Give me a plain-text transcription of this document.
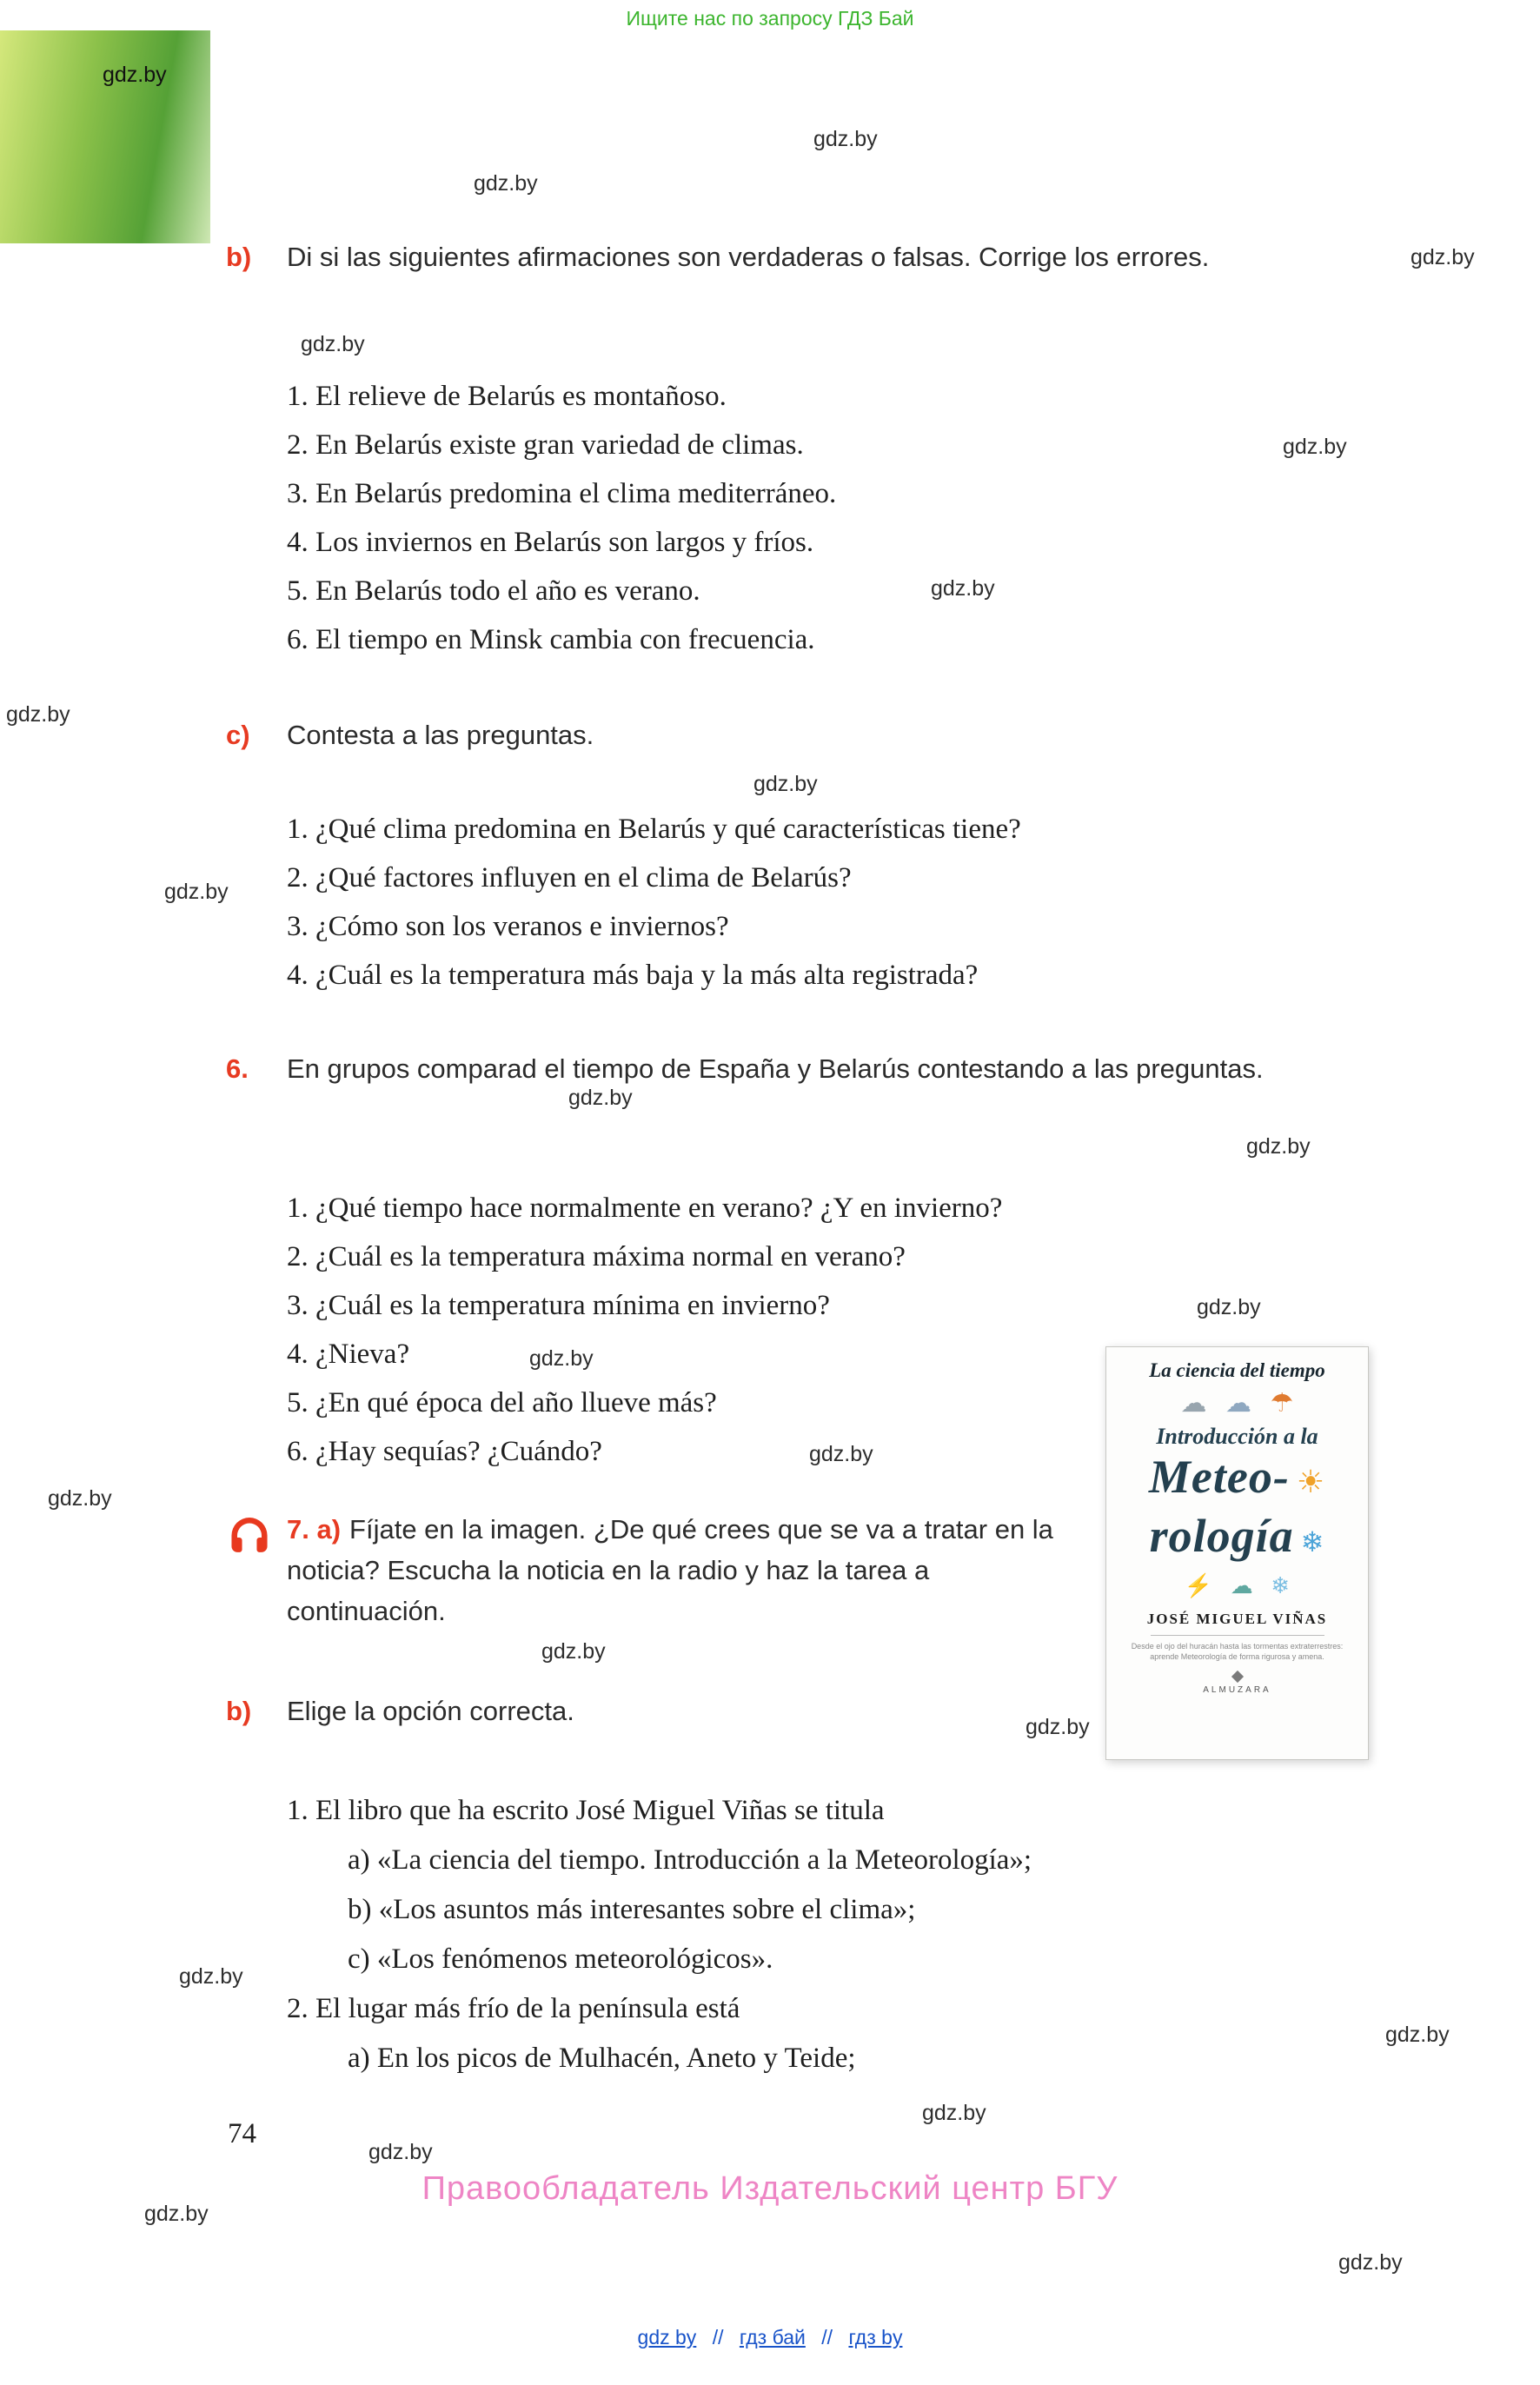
Ищите нас по запросу ГДЗ Бай
gdz.by
gdz.by
gdz.by
gdz.by
gdz.by
gdz.by
gdz.by
gdz.by
gdz.by
gdz.by
gdz.by
gdz.by
gdz.by
gdz.by
gdz.by
gdz.by
gdz.by
gdz.by
gdz.by
gdz.by
gdz.by
gdz.by
gdz.by
gdz.by
b) Di si las siguientes afirmaciones son verdaderas o falsas. Corrige los errores.
1. El relieve de Belarús es montañoso.
2. En Belarús existe gran variedad de climas.
3. En Belarús predomina el clima mediterráneo.
4. Los inviernos en Belarús son largos y fríos.
5. En Belarús todo el año es verano.
6. El tiempo en Minsk cambia con frecuencia.
c) Contesta a las preguntas.
1. ¿Qué clima predomina en Belarús y qué características tiene?
2. ¿Qué factores influyen en el clima de Belarús?
3. ¿Cómo son los veranos e inviernos?
4. ¿Cuál es la temperatura más baja y la más alta registrada?
6. En grupos comparad el tiempo de España y Belarús contestando a las preguntas.
1. ¿Qué tiempo hace normalmente en verano? ¿Y en invierno?
2. ¿Cuál es la temperatura máxima normal en verano?
3. ¿Cuál es la temperatura mínima en invierno?
4. ¿Nieva?
5. ¿En qué época del año llueve más?
6. ¿Hay sequías? ¿Cuándo?
7. a) Fíjate en la imagen. ¿De qué crees que se va a tratar en la noticia? Escucha la noticia en la radio y haz la tarea a continuación.
La ciencia del tiempo
☁ ☁ ☂
Introducción a la
Meteo- ☀
rología ❄
⚡ ☁ ❄
JOSÉ MIGUEL VIÑAS
Desde el ojo del huracán hasta las tormentas extraterrestres:
aprende Meteorología de forma rigurosa y amena.
ALMUZARA
b) Elige la opción correcta.
1. El libro que ha escrito José Miguel Viñas se titula
a) «La ciencia del tiempo. Introducción a la Meteorología»;
b) «Los asuntos más interesantes sobre el clima»;
c) «Los fenómenos meteorológicos».
2. El lugar más frío de la península está
a) En los picos de Mulhacén, Aneto y Teide;
74
Правообладатель Издательский центр БГУ
gdz by // гдз бай // гдз by
